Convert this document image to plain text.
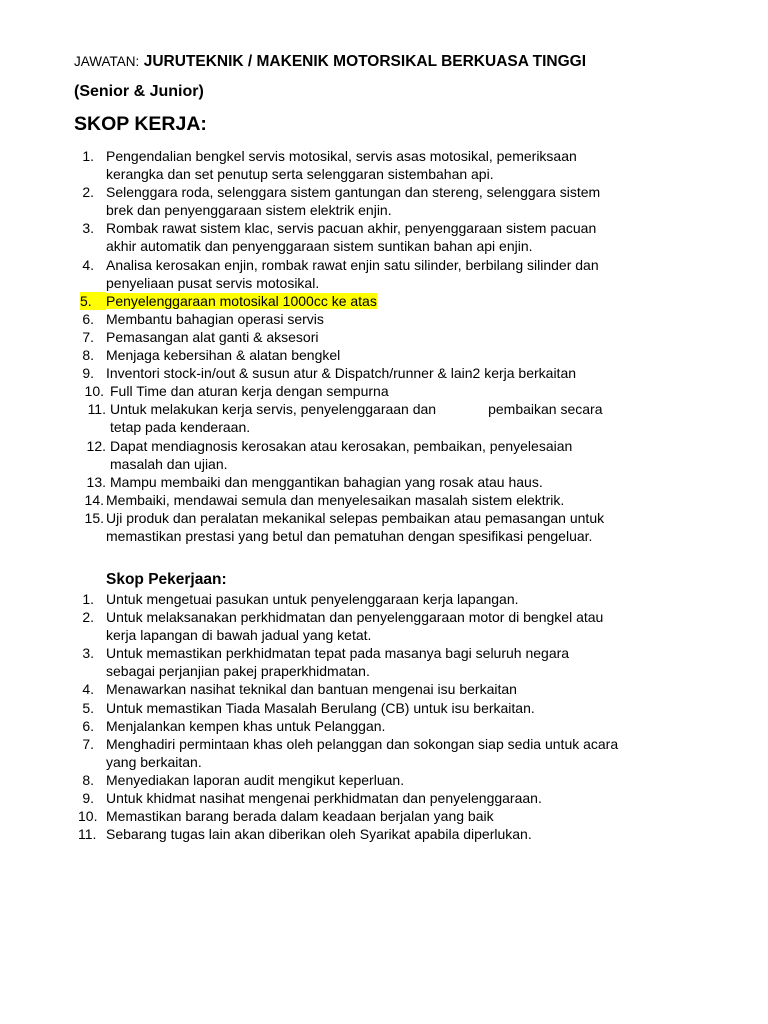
JAWATAN: JURUTEKNIK / MAKENIK MOTORSIKAL BERKUASA TINGGI
(Senior & Junior)
SKOP KERJA:
1. Pengendalian bengkel servis motosikal, servis asas motosikal, pemeriksaan
kerangka dan set penutup serta selenggaran sistembahan api.
2. Selenggara roda, selenggara sistem gantungan dan stereng, selenggara sistem
brek dan penyenggaraan sistem elektrik enjin.
3. Rombak rawat sistem klac, servis pacuan akhir, penyenggaraan sistem pacuan
akhir automatik dan penyenggaraan sistem suntikan bahan api enjin.
4. Analisa kerosakan enjin, rombak rawat enjin satu silinder, berbilang silinder dan
penyeliaan pusat servis motosikal.
5.	Penyelenggaraan motosikal 1000cc ke atas
6. Membantu bahagian operasi servis
7. Pemasangan alat ganti & aksesori
8. Menjaga kebersihan & alatan bengkel
9. Inventori stock-in/out & susun atur & Dispatch/runner & lain2 kerja berkaitan
10. Full Time dan aturan kerja dengan sempurna
11. Untuk melakukan kerja servis, penyelenggaraan dan	pembaikan secara
tetap pada kenderaan.
12. Dapat mendiagnosis kerosakan atau kerosakan, pembaikan, penyelesaian
masalah dan ujian.
13. Mampu membaiki dan menggantikan bahagian yang rosak atau haus.
14. Membaiki, mendawai semula dan menyelesaikan masalah sistem elektrik.
15. Uji produk dan peralatan mekanikal selepas pembaikan atau pemasangan untuk
memastikan prestasi yang betul dan pematuhan dengan spesifikasi pengeluar.
Skop Pekerjaan:
1. Untuk mengetuai pasukan untuk penyelenggaraan kerja lapangan.
2. Untuk melaksanakan perkhidmatan dan penyelenggaraan motor di bengkel atau
kerja lapangan di bawah jadual yang ketat.
3. Untuk memastikan perkhidmatan tepat pada masanya bagi seluruh negara
sebagai perjanjian pakej praperkhidmatan.
4. Menawarkan nasihat teknikal dan bantuan mengenai isu berkaitan
5. Untuk memastikan Tiada Masalah Berulang (CB) untuk isu berkaitan.
6. Menjalankan kempen khas untuk Pelanggan.
7. Menghadiri permintaan khas oleh pelanggan dan sokongan siap sedia untuk acara
yang berkaitan.
8. Menyediakan laporan audit mengikut keperluan.
9. Untuk khidmat nasihat mengenai perkhidmatan dan penyelenggaraan.
10. Memastikan barang berada dalam keadaan berjalan yang baik
11. Sebarang tugas lain akan diberikan oleh Syarikat apabila diperlukan.
